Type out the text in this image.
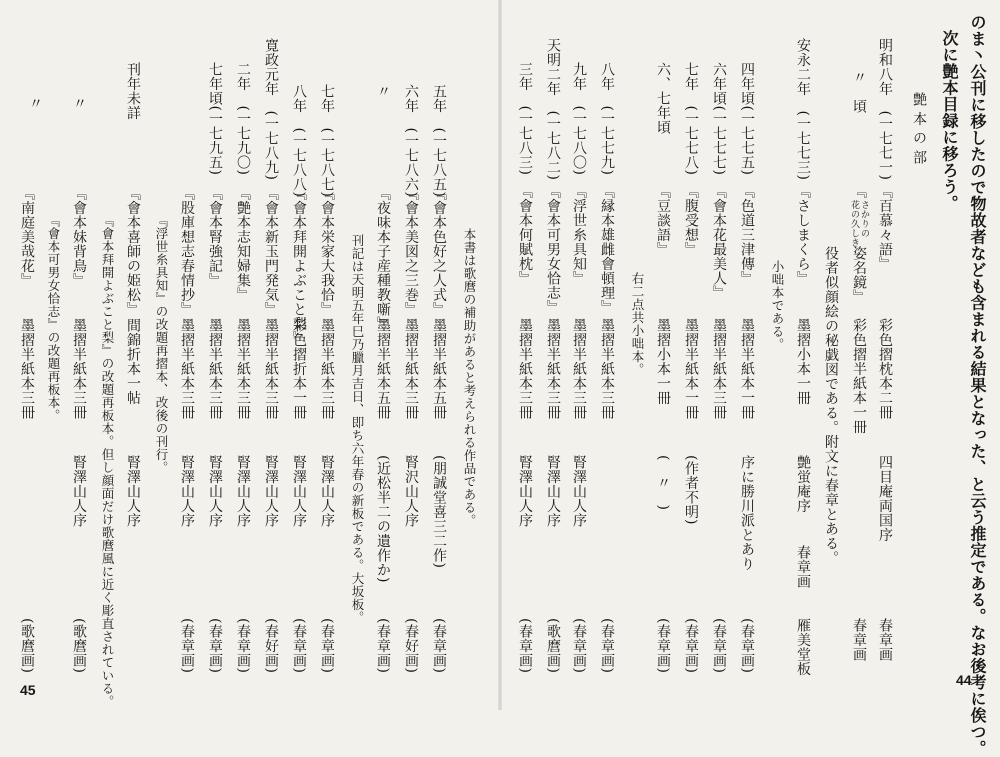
のま丶公刊に移したので物故者なども含まれる結果となった、と云う推定である。なお後考に俟つ。
次に艶本目録に移ろう。
艶 本 の 部
明和八年　(一七七一)
『百慕々語』
彩色摺枕本二冊
四目庵両国序
春章画
〃　頃
『
さかりの
花の久しき
姿名鏡』
彩色摺半紙本一冊
春章画
役者似顔絵の秘戯図である。附文に春章とある。
安永二年　(一七七三)
『さしまくら』
墨摺小本一冊
艶蛍庵序
春章画
雁美堂板
小咄本である。
四年頃(一七七五)
『色道三津傳』
墨摺半紙本一冊
序に勝川派とあり
(春章画)
六年頃(一七七七)
『會本花最美人』
墨摺半紙本三冊
(春章画)
七年　(一七七八)
『腹受想』
墨摺半紙本一冊
(作者不明)
(春章画)
六、七年頃
『豆談語』
墨摺小本一冊
(　〃　)
(春章画)
右二点共小咄本。
八年　(一七七九)
『縁本雄雌會頓理』
墨摺半紙本三冊
(春章画)
九年　(一七八〇)
『浮世糸具知』
墨摺半紙本三冊
腎澤山人序
(春章画)
天明二年　(一七八二)
『會本可男女恰志』
墨摺半紙本三冊
腎澤山人序
(歌麿画)
三年　(一七八三)
『會本何賦枕』
墨摺半紙本三冊
腎澤山人序
(春章画)
44
本書は歌麿の補助があると考えられる作品である。
五年　(一七八五)
『會本色好之人式』
墨摺半紙本五冊
(朋誠堂喜三二作)
(春章画)
六年　(一七八六)
『會本美図之三巻』
墨摺半紙本三冊
腎沢山人序
(春好画)
〃
『夜味本子産種教噺』
墨摺半紙本五冊
(近松半二の遺作か)
(春章画)
刊記は天明五年巳乃臘月吉日、即ち六年春の新板である。大坂板。
七年　(一七八七)
『會本栄家大我恰』
墨摺半紙本三冊
腎澤山人序
(春章画)
八年　(一七八八)
『會本拜開よぶこと梨』
彩色摺折本一冊
腎澤山人序
(春章画)
寛政元年　(一七八九)
『會本新玉門発気』
墨摺半紙本三冊
腎澤山人序
(春好画)
二年　(一七九〇)
『艶本志知婦集』
墨摺半紙本三冊
腎澤山人序
(春章画)
七年頃(一七九五)
『會本腎強記』
墨摺半紙本三冊
腎澤山人序
(春章画)
『股庫想志春情抄』
墨摺半紙本三冊
腎澤山人序
(春章画)
『浮世糸具知』の改題再摺本、改後の刊行。
刊年未詳
『會本喜師の姫松』
間錦折本一帖
腎澤山人序
『會本拜開よぶこと梨』の改題再板本。但し顔面だけ歌麿風に近く彫直されている。
〃
『會本妹背鳥』
墨摺半紙本三冊
腎澤山人序
(歌麿画)
『會本可男女恰志』の改題再板本。
〃
『南庭美哉花』
墨摺半紙本三冊
(歌麿画)
45
